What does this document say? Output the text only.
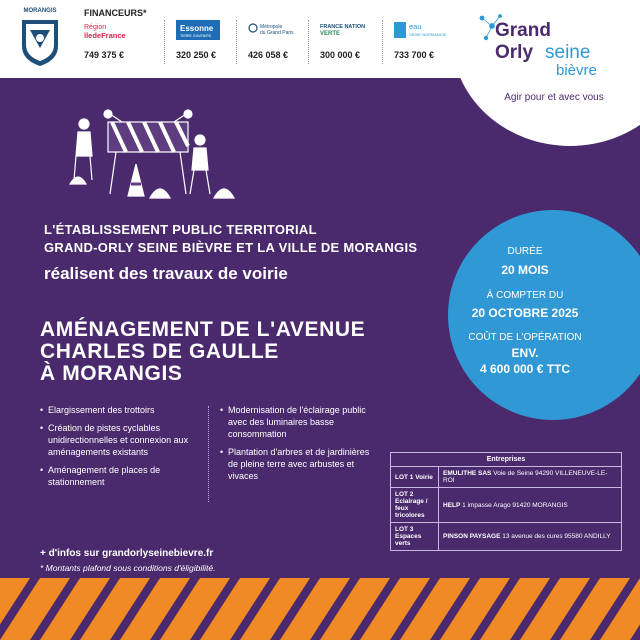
MORANGIS	FINANCEURS*
Région
îledeFrance
749 375 €
Essonne
TERRE D'AVENIRS
320 250 €
Métropole
du Grand Paris
426 058 €
FRANCE NATION
VERTE
300 000 €
eau
SEINE NORMANDIE
733 700 €
Grand
Orly seine
bièvre
Agir pour et avec vous
L'ÉTABLISSEMENT PUBLIC TERRITORIAL
GRAND-ORLY SEINE BIÈVRE ET LA VILLE DE MORANGIS
réalisent des travaux de voirie
AMÉNAGEMENT DE L'AVENUE
CHARLES DE GAULLE
À MORANGIS
DURÉE
20 MOIS
À COMPTER DU
20 OCTOBRE 2025
COÛT DE L'OPÉRATION
ENV.
4 600 000 € TTC
• Elargissement des trottoirs
• Création de pistes cyclables unidirectionnelles et connexion aux aménagements existants
• Aménagement de places de stationnement
• Modernisation de l'éclairage public avec des luminaires basse consommation
• Plantation d'arbres et de jardinières de pleine terre avec arbustes et vivaces
Entreprises	
LOT 1 Voirie	EMULITHE SAS Voie de Seine 94290 VILLENEUVE-LE-ROI
LOT 2 Eclairage / feux tricolores	HELP 1 impasse Arago 91420 MORANGIS
LOT 3 Espaces verts	PINSON PAYSAGE 13 avenue des cures 95580 ANDILLY
+ d'infos sur grandorlyseinebievre.fr
* Montants plafond sous conditions d'éligibilité.
